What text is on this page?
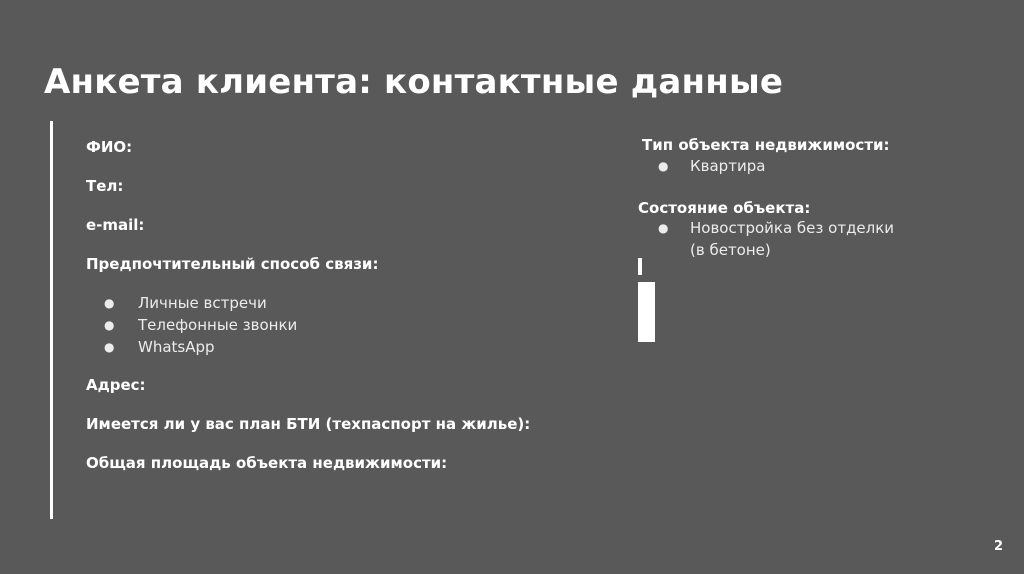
Анкета клиента: контактные данные
ФИО:
Тел:
e-mail:
Предпочтительный способ связи:
● Личные встречи
● Телефонные звонки
● WhatsApp
Адрес:
Имеется ли у вас план БТИ (техпаспорт на жилье):
Общая площадь объекта недвижимости:
Тип объекта недвижимости:
● Квартира
Состояние объекта:
● Новостройка без отделки
(в бетоне)
2
